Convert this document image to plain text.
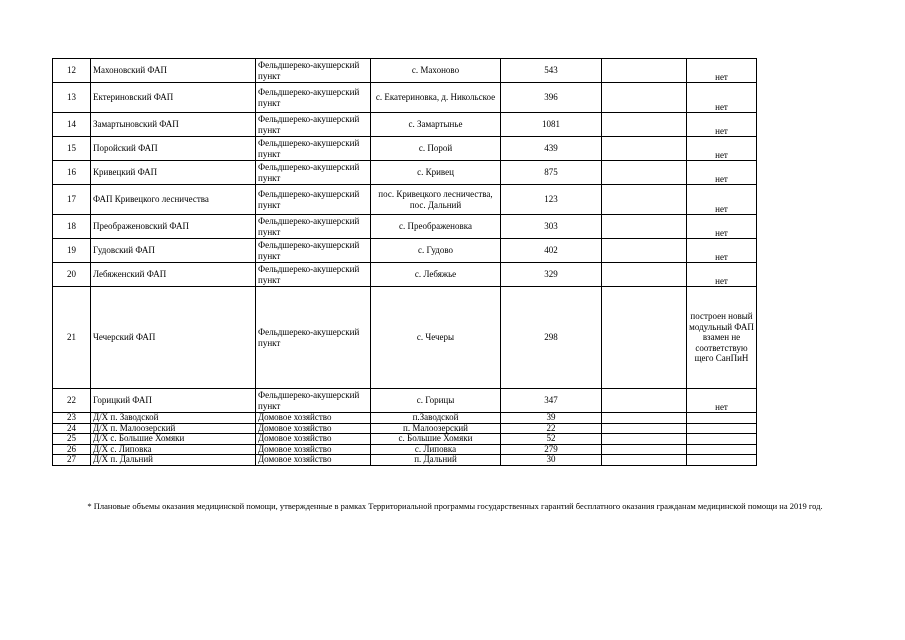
12	Махоновский ФАП	Фельдшереко-акушерский пункт	с. Махоново	543		нет
13	Ектериновский ФАП	Фельдшереко-акушерский пункт	с. Екатериновка, д. Никольское	396		нет
14	Замартыновский ФАП	Фельдшереко-акушерский пункт	с. Замартынье	1081		нет
15	Поройский ФАП	Фельдшереко-акушерский пункт	с. Порой	439		нет
16	Кривецкий ФАП	Фельдшереко-акушерский пункт	с. Кривец	875		нет
17	ФАП Кривецкого лесничества	Фельдшереко-акушерский пункт	пос. Кривецкого лесничества, пос. Дальний	123		нет
18	Преображеновский ФАП	Фельдшереко-акушерский пункт	с. Преображеновка	303		нет
19	Гудовский ФАП	Фельдшереко-акушерский пункт	с. Гудово	402		нет
20	Лебяженский ФАП	Фельдшереко-акушерский пункт	с. Лебяжье	329		нет
21	Чечерский ФАП	Фельдшереко-акушерский пункт	с. Чечеры	298		построен новый модульный ФАП взамен не соответствую щего СанПиН
22	Горицкий ФАП	Фельдшереко-акушерский пункт	с. Горицы	347		нет
23	Д/Х п. Заводской	Домовое хозяйство	п.Заводской	39		
24	Д/Х п. Малоозерский	Домовое хозяйство	п. Малоозерский	22		
25	Д/Х с. Большие Хомяки	Домовое хозяйство	с. Большие Хомяки	52		
26	Д/Х с. Липовка	Домовое хозяйство	с. Липовка	279		
27	Д/Х п. Дальний	Домовое хозяйство	п. Дальний	30		
* Плановые объемы оказания медицинской помощи, утвержденные в рамках Территориальной программы государственных гарантий бесплатного оказания гражданам медицинской помощи на 2019 год.
